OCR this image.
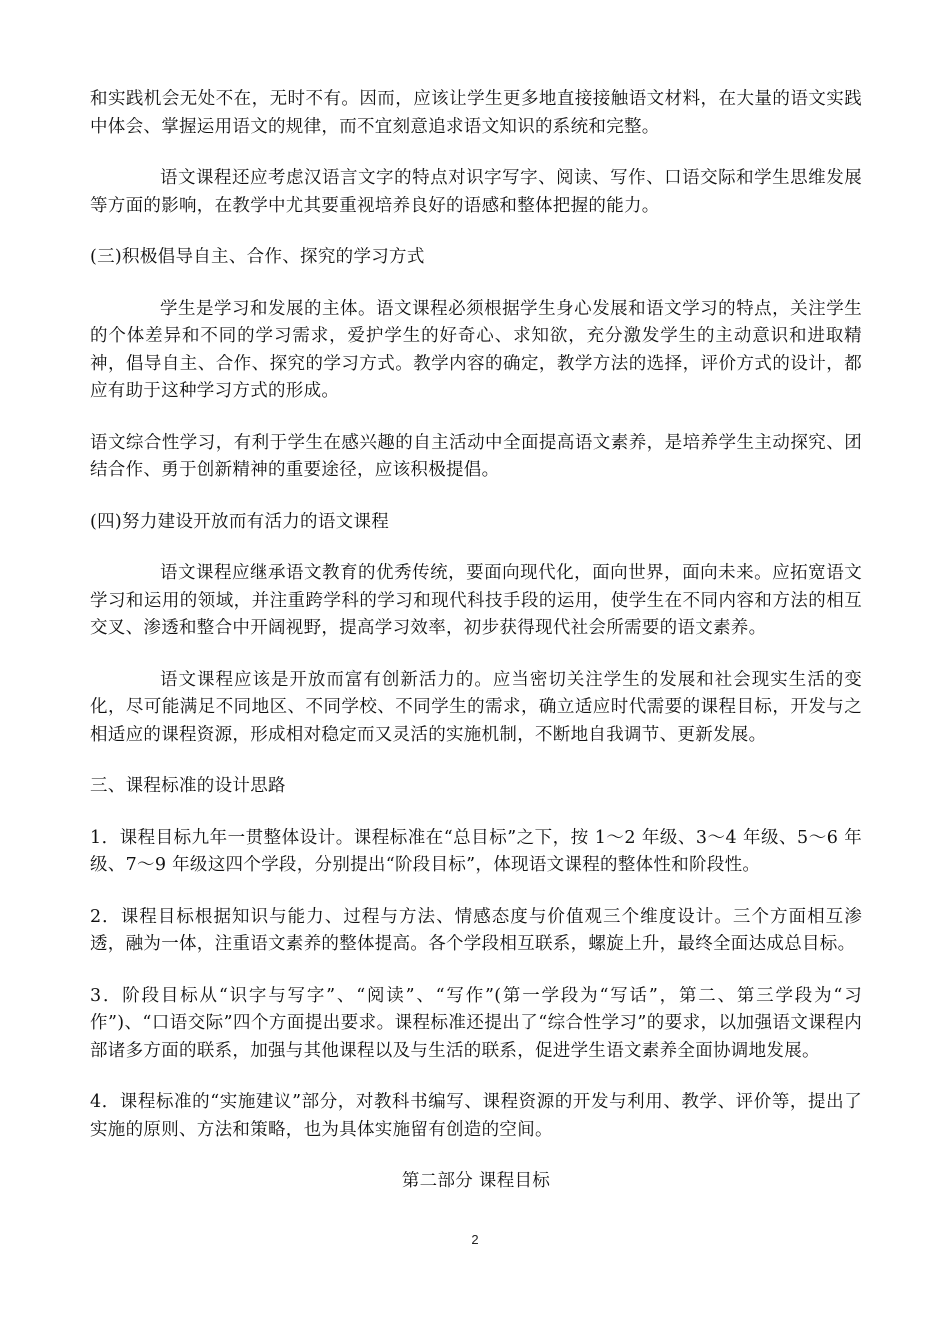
和实践机会无处不在，无时不有。因而，应该让学生更多地直接接触语文材料，在大量的语文实践中体会、掌握运用语文的规律，而不宜刻意追求语文知识的系统和完整。

语文课程还应考虑汉语言文字的特点对识字写字、阅读、写作、口语交际和学生思维发展等方面的影响，在教学中尤其要重视培养良好的语感和整体把握的能力。

(三)积极倡导自主、合作、探究的学习方式

学生是学习和发展的主体。语文课程必须根据学生身心发展和语文学习的特点，关注学生的个体差异和不同的学习需求，爱护学生的好奇心、求知欲，充分激发学生的主动意识和进取精神，倡导自主、合作、探究的学习方式。教学内容的确定，教学方法的选择，评价方式的设计，都应有助于这种学习方式的形成。

语文综合性学习，有利于学生在感兴趣的自主活动中全面提高语文素养，是培养学生主动探究、团结合作、勇于创新精神的重要途径，应该积极提倡。

(四)努力建设开放而有活力的语文课程

语文课程应继承语文教育的优秀传统，要面向现代化，面向世界，面向未来。应拓宽语文学习和运用的领域，并注重跨学科的学习和现代科技手段的运用，使学生在不同内容和方法的相互交叉、渗透和整合中开阔视野，提高学习效率，初步获得现代社会所需要的语文素养。

语文课程应该是开放而富有创新活力的。应当密切关注学生的发展和社会现实生活的变化，尽可能满足不同地区、不同学校、不同学生的需求，确立适应时代需要的课程目标，开发与之相适应的课程资源，形成相对稳定而又灵活的实施机制，不断地自我调节、更新发展。

三、课程标准的设计思路

1．课程目标九年一贯整体设计。课程标准在“总目标”之下，按 1～2 年级、3～4 年级、5～6 年级、7～9 年级这四个学段，分别提出“阶段目标”，体现语文课程的整体性和阶段性。

2．课程目标根据知识与能力、过程与方法、情感态度与价值观三个维度设计。三个方面相互渗透，融为一体，注重语文素养的整体提高。各个学段相互联系，螺旋上升，最终全面达成总目标。

3．阶段目标从“识字与写字”、“阅读”、“写作”(第一学段为“写话”，第二、第三学段为“习作”)、“口语交际”四个方面提出要求。课程标准还提出了“综合性学习”的要求，以加强语文课程内部诸多方面的联系，加强与其他课程以及与生活的联系，促进学生语文素养全面协调地发展。

4．课程标准的“实施建议”部分，对教科书编写、课程资源的开发与利用、教学、评价等，提出了实施的原则、方法和策略，也为具体实施留有创造的空间。

第二部分 课程目标

2
